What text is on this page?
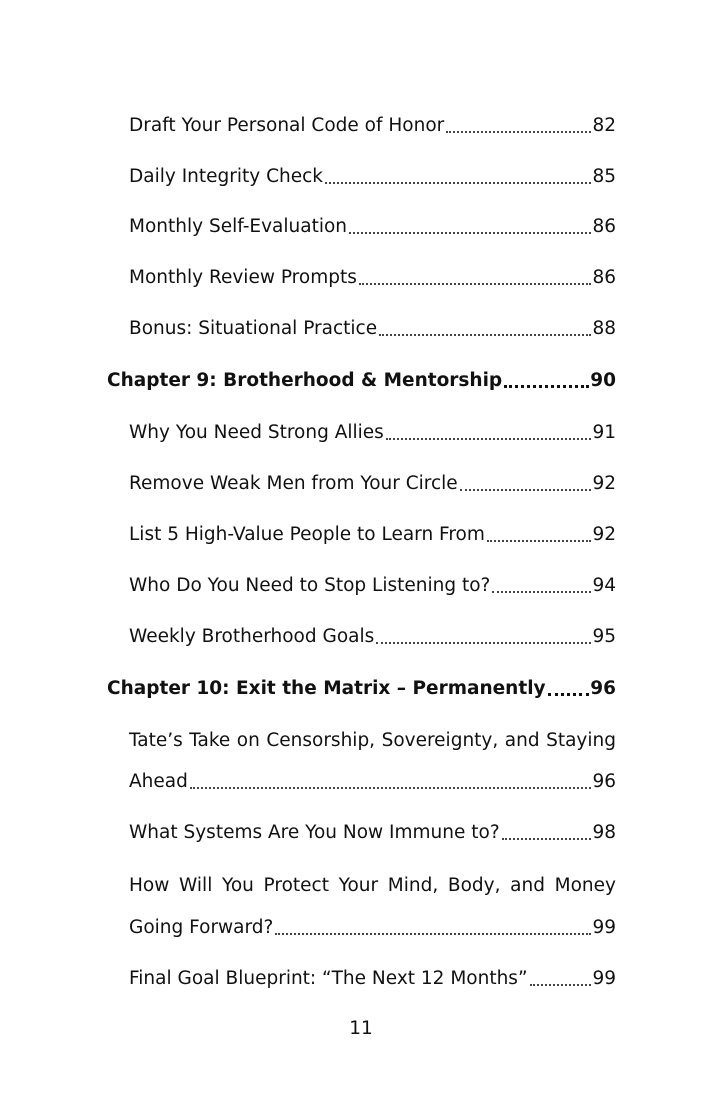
Draft Your Personal Code of Honor	82
Daily Integrity Check	85
Monthly Self-Evaluation	86
Monthly Review Prompts	86
Bonus: Situational Practice	88
Chapter 9: Brotherhood & Mentorship	90
Why You Need Strong Allies	91
Remove Weak Men from Your Circle	92
List 5 High-Value People to Learn From	92
Who Do You Need to Stop Listening to?	94
Weekly Brotherhood Goals	95
Chapter 10: Exit the Matrix – Permanently 96
Tate’s Take on Censorship, Sovereignty, and Staying
Ahead	96
What Systems Are You Now Immune to?	98
How Will You Protect Your Mind, Body, and Money
Going Forward?	99
Final Goal Blueprint: “The Next 12 Months”	99
11
